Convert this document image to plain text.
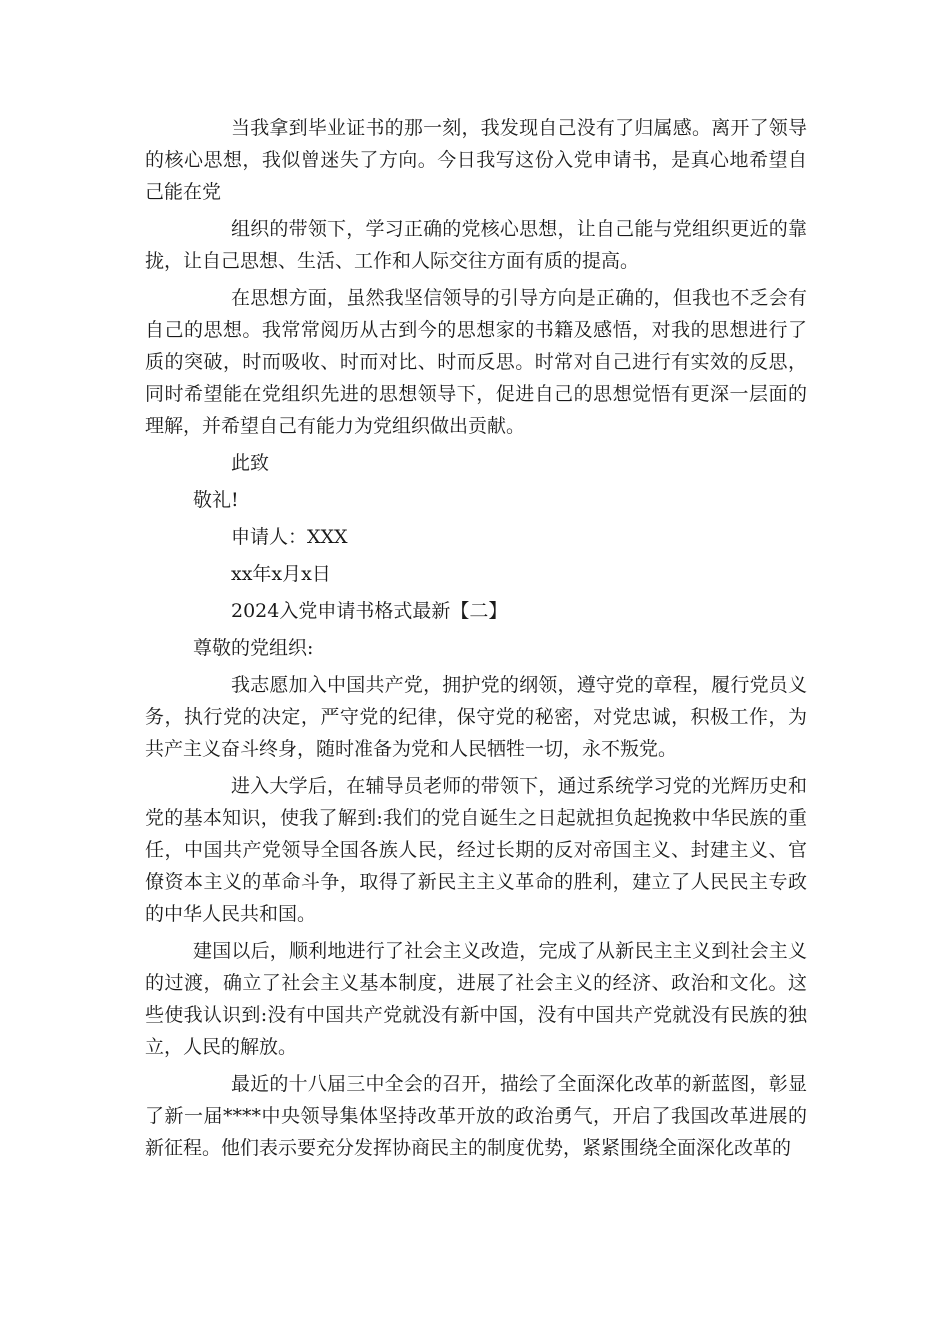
当我拿到毕业证书的那一刻，我发现自己没有了归属感。离开了领导的核心思想，我似曾迷失了方向。今日我写这份入党申请书，是真心地希望自己能在党

组织的带领下，学习正确的党核心思想，让自己能与党组织更近的靠拢，让自己思想、生活、工作和人际交往方面有质的提高。

在思想方面，虽然我坚信领导的引导方向是正确的，但我也不乏会有自己的思想。我常常阅历从古到今的思想家的书籍及感悟，对我的思想进行了质的突破，时而吸收、时而对比、时而反思。时常对自己进行有实效的反思，同时希望能在党组织先进的思想领导下，促进自己的思想觉悟有更深一层面的理解，并希望自己有能力为党组织做出贡献。

此致

敬礼!

申请人：XXX

xx年x月x日

2024入党申请书格式最新【二】

尊敬的党组织:

我志愿加入中国共产党，拥护党的纲领，遵守党的章程，履行党员义务，执行党的决定，严守党的纪律，保守党的秘密，对党忠诚，积极工作，为共产主义奋斗终身，随时准备为党和人民牺牲一切，永不叛党。

进入大学后，在辅导员老师的带领下，通过系统学习党的光辉历史和党的基本知识，使我了解到:我们的党自诞生之日起就担负起挽救中华民族的重任，中国共产党领导全国各族人民，经过长期的反对帝国主义、封建主义、官僚资本主义的革命斗争，取得了新民主主义革命的胜利，建立了人民民主专政的中华人民共和国。

建国以后，顺利地进行了社会主义改造，完成了从新民主主义到社会主义的过渡，确立了社会主义基本制度，进展了社会主义的经济、政治和文化。这些使我认识到:没有中国共产党就没有新中国，没有中国共产党就没有民族的独立，人民的解放。

最近的十八届三中全会的召开，描绘了全面深化改革的新蓝图，彰显了新一届****中央领导集体坚持改革开放的政治勇气，开启了我国改革进展的新征程。他们表示要充分发挥协商民主的制度优势，紧紧围绕全面深化改革的
